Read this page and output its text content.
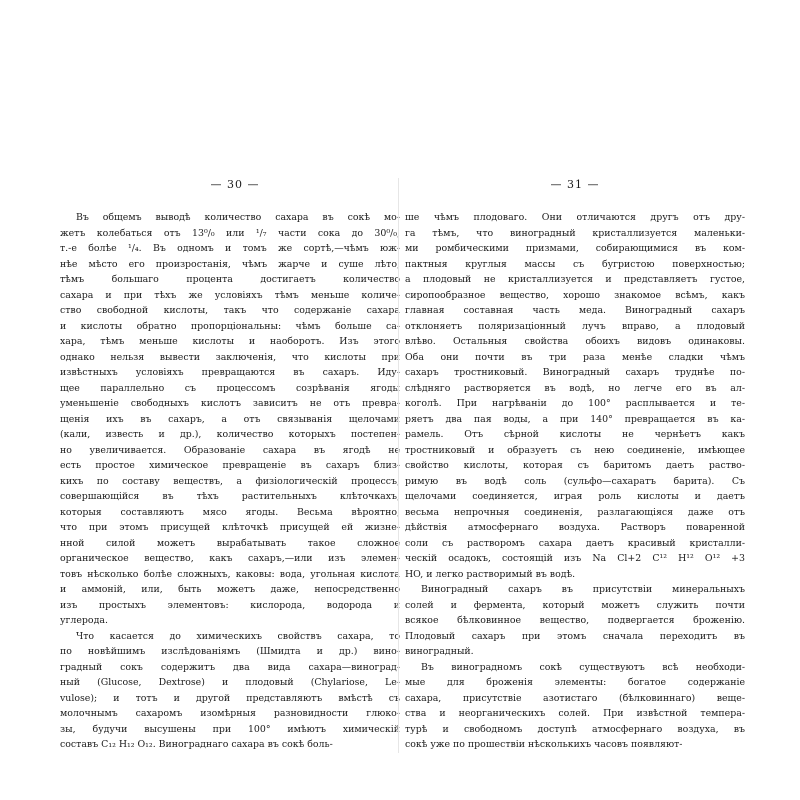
— 30 —
Въ общемъ выводѣ количество сахара въ сокѣ мо-
жетъ колебаться отъ 13⁰/₀ или ¹/₇ части сока до 30⁰/₀,
т.-е болѣе ¹/₄. Въ одномъ и томъ же сортѣ,—чѣмъ юж-
нѣе мѣсто его произростанія, чѣмъ жарче и суше лѣто,
тѣмъ большаго процента достигаетъ количество
сахара и при тѣхъ же условіяхъ тѣмъ меньше количе-
ство свободной кислоты, такъ что содержаніе сахара
и кислоты обратно пропорціональны: чѣмъ больше са-
хара, тѣмъ меньше кислоты и наоборотъ. Изъ этого
однако нельзя вывести заключенія, что кислоты при
извѣстныхъ условіяхъ превращаются въ сахаръ. Иду-
щее параллельно съ процессомъ созрѣванія ягоды
уменьшеніе свободныхъ кислотъ зависитъ не отъ превра-
щенія ихъ въ сахаръ, а отъ связыванія щелочами
(кали, известь и др.), количество которыхъ постепен-
но увеличивается. Образованіе сахара въ ягодѣ не
есть простое химическое превращеніе въ сахаръ близ-
кихъ по составу веществъ, а физіологическій процессъ,
совершающійся въ тѣхъ растительныхъ клѣточкахъ,
которыя составляютъ мясо ягоды. Весьма вѣроятно,
что при этомъ присущей клѣточкѣ присущей ей жизне-
нной силой можетъ вырабатывать такое сложное
органическое вещество, какъ сахаръ,—или изъ элемен-
товъ нѣсколько болѣе сложныхъ, каковы: вода, угольная кислота
и аммоній, или, быть можетъ даже, непосредственно
изъ простыхъ элементовъ: кислорода, водорода и
углерода.
Что касается до химическихъ свойствъ сахара, то
по новѣйшимъ изслѣдованіямъ (Шмидта и др.) вино-
градный сокъ содержитъ два вида сахара—виноград-
ный (Glucose, Dextrose) и плодовый (Chylariose, Le-
vulose); и тотъ и другой представляютъ вмѣстѣ съ
молочнымъ сахаромъ изомѣрныя разновидности глюко-
зы, будучи высушены при 100° имѣютъ химическій
составъ C₁₂ H₁₂ O₁₂. Винограднаго сахара въ сокѣ боль-
— 31 —
ше чѣмъ плодоваго. Они отличаются другъ отъ дру-
га тѣмъ, что виноградный кристаллизуется маленьки-
ми ромбическими призмами, собирающимися въ ком-
пактныя круглыя массы съ бугристою поверхностью;
а плодовый не кристаллизуется и представляетъ густое,
сиропообразное вещество, хорошо знакомое всѣмъ, какъ
главная составная часть меда. Виноградный сахаръ
отклоняетъ поляризаціонный лучъ вправо, а плодовый
влѣво. Остальныя свойства обоихъ видовъ одинаковы.
Оба они почти въ три раза менѣе сладки чѣмъ
сахаръ тростниковый. Виноградный сахаръ труднѣе по-
слѣдняго растворяется въ водѣ, но легче его въ ал-
коголѣ. При нагрѣваніи до 100° расплывается и те-
ряетъ два пая воды, а при 140° превращается въ ка-
рамель. Отъ сѣрной кислоты не чернѣетъ какъ
тростниковый и образуетъ съ нею соединеніе, имѣющее
свойство кислоты, которая съ баритомъ даетъ раство-
римую въ водѣ соль (сульфо—сахаратъ барита). Съ
щелочами соединяется, играя роль кислоты и даетъ
весьма непрочныя соединенія, разлагающіяся даже отъ
дѣйствія атмосфернаго воздуха. Растворъ поваренной
соли съ растворомъ сахара даетъ красивый кристалли-
ческій осадокъ, состоящій изъ Na Cl+2 C¹² H¹² O¹² +3
HO, и легко растворимый въ водѣ.
Виноградный сахаръ въ присутствіи минеральныхъ
солей и фермента, который можетъ служить почти
всякое бѣлковинное вещество, подвергается броженію.
Плодовый сахаръ при этомъ сначала переходитъ въ
виноградный.
Въ виноградномъ сокѣ существуютъ всѣ необходи-
мые для броженія элементы: богатое содержаніе
сахара, присутствіе азотистаго (бѣлковиннаго) веще-
ства и неорганическихъ солей. При извѣстной темпера-
турѣ и свободномъ доступѣ атмосфернаго воздуха, въ
сокѣ уже по прошествіи нѣсколькихъ часовъ появляют-
